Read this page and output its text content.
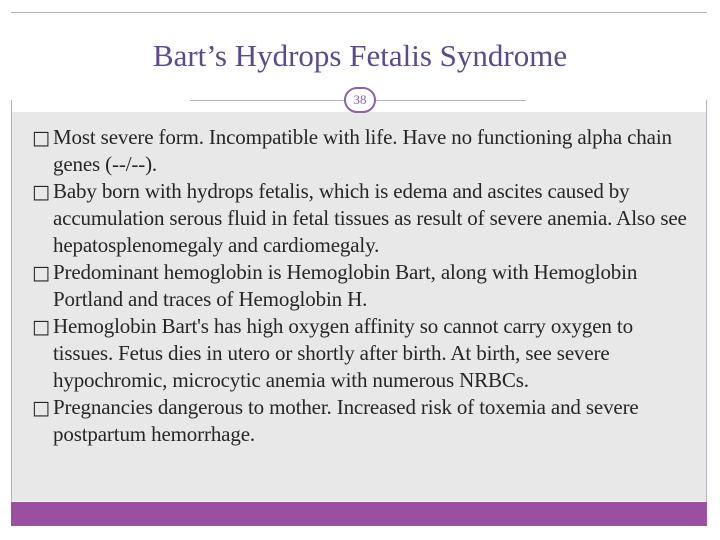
Bart’s Hydrops Fetalis Syndrome
38
□ Most severe form. Incompatible with life. Have no functioning alpha chain genes (--/--).
□ Baby born with hydrops fetalis, which is edema and ascites caused by accumulation serous fluid in fetal tissues as result of severe anemia. Also see hepatosplenomegaly and cardiomegaly.
□ Predominant hemoglobin is Hemoglobin Bart, along with Hemoglobin Portland and traces of Hemoglobin H.
□ Hemoglobin Bart's has high oxygen affinity so cannot carry oxygen to tissues. Fetus dies in utero or shortly after birth. At birth, see severe hypochromic, microcytic anemia with numerous NRBCs.
□ Pregnancies dangerous to mother. Increased risk of toxemia and severe postpartum hemorrhage.
